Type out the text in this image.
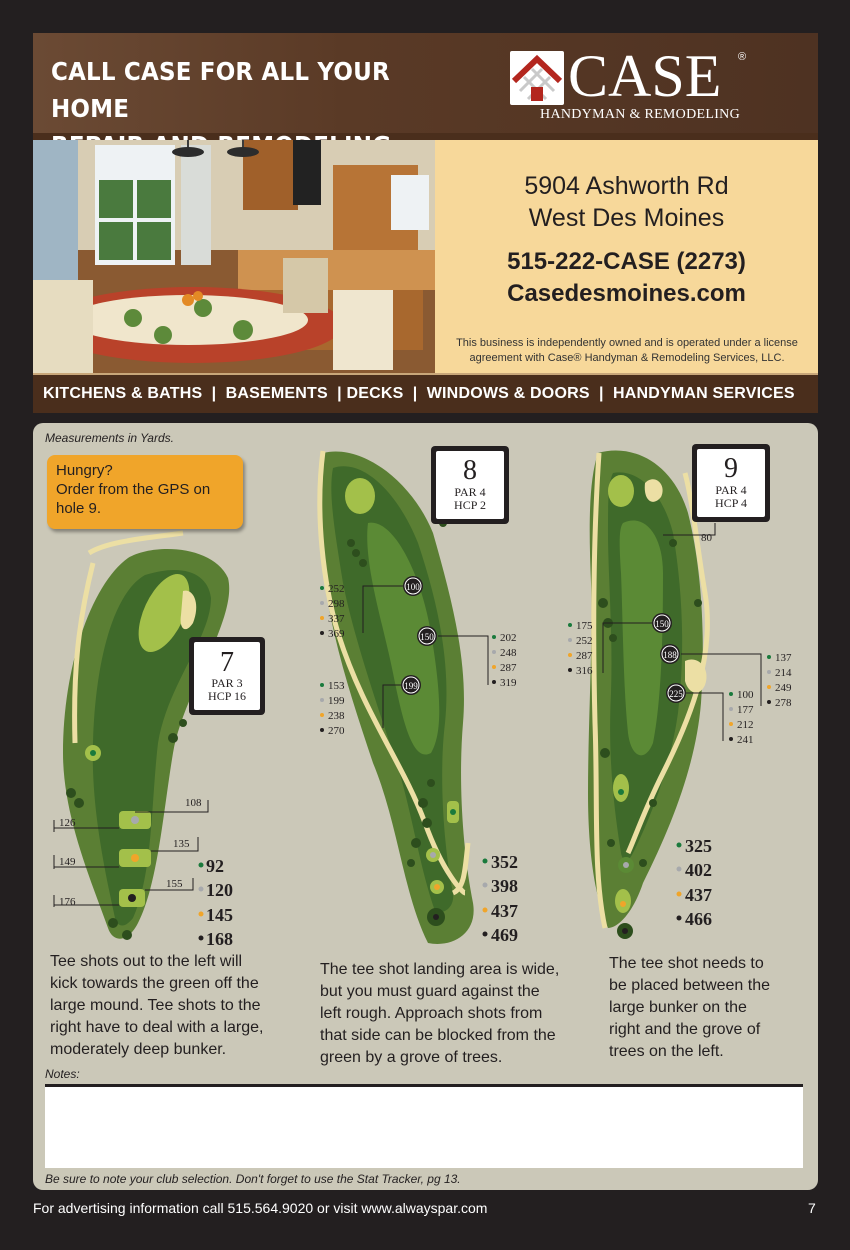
CALL CASE FOR ALL YOUR HOME	CASE ®
HANDYMAN & REMODELING
5904 Ashworth Rd
West Des Moines
515-222-CASE (2273)
Casedesmoines.com
This business is independently owned and is operated under a license
agreement with Case® Handyman & Remodeling Services, LLC.
KITCHENS & BATHS  |  BASEMENTS  | DECKS  |  WINDOWS & DOORS  |  HANDYMAN SERVICES
Measurements in Yards.
108
126
135
149
155
176
7
PAR 3
HCP 16
92
120
145
168
100
150
199
252
298
337
369	202
248
287
319
153
199
238
270
8
PAR 4
HCP 2
352
398
437
469
80
150
188
225
175
252
287
316
137
214
249
278
100
177
212
241
9
PAR 4
HCP 4
325
402
437
466
Hungry?
Order from the GPS on
hole 9.
Tee shots out to the left will
kick towards the green off the
large mound. Tee shots to the
right have to deal with a large,
moderately deep bunker.
The tee shot landing area is wide,
but you must guard against the
left rough. Approach shots from
that side can be blocked from the
green by a grove of trees.
The tee shot needs to
be placed between the
large bunker on the
right and the grove of
trees on the left.
Notes:
Be sure to note your club selection. Don't forget to use the Stat Tracker, pg 13.
For advertising information call 515.564.9020 or visit www.alwayspar.com	7
